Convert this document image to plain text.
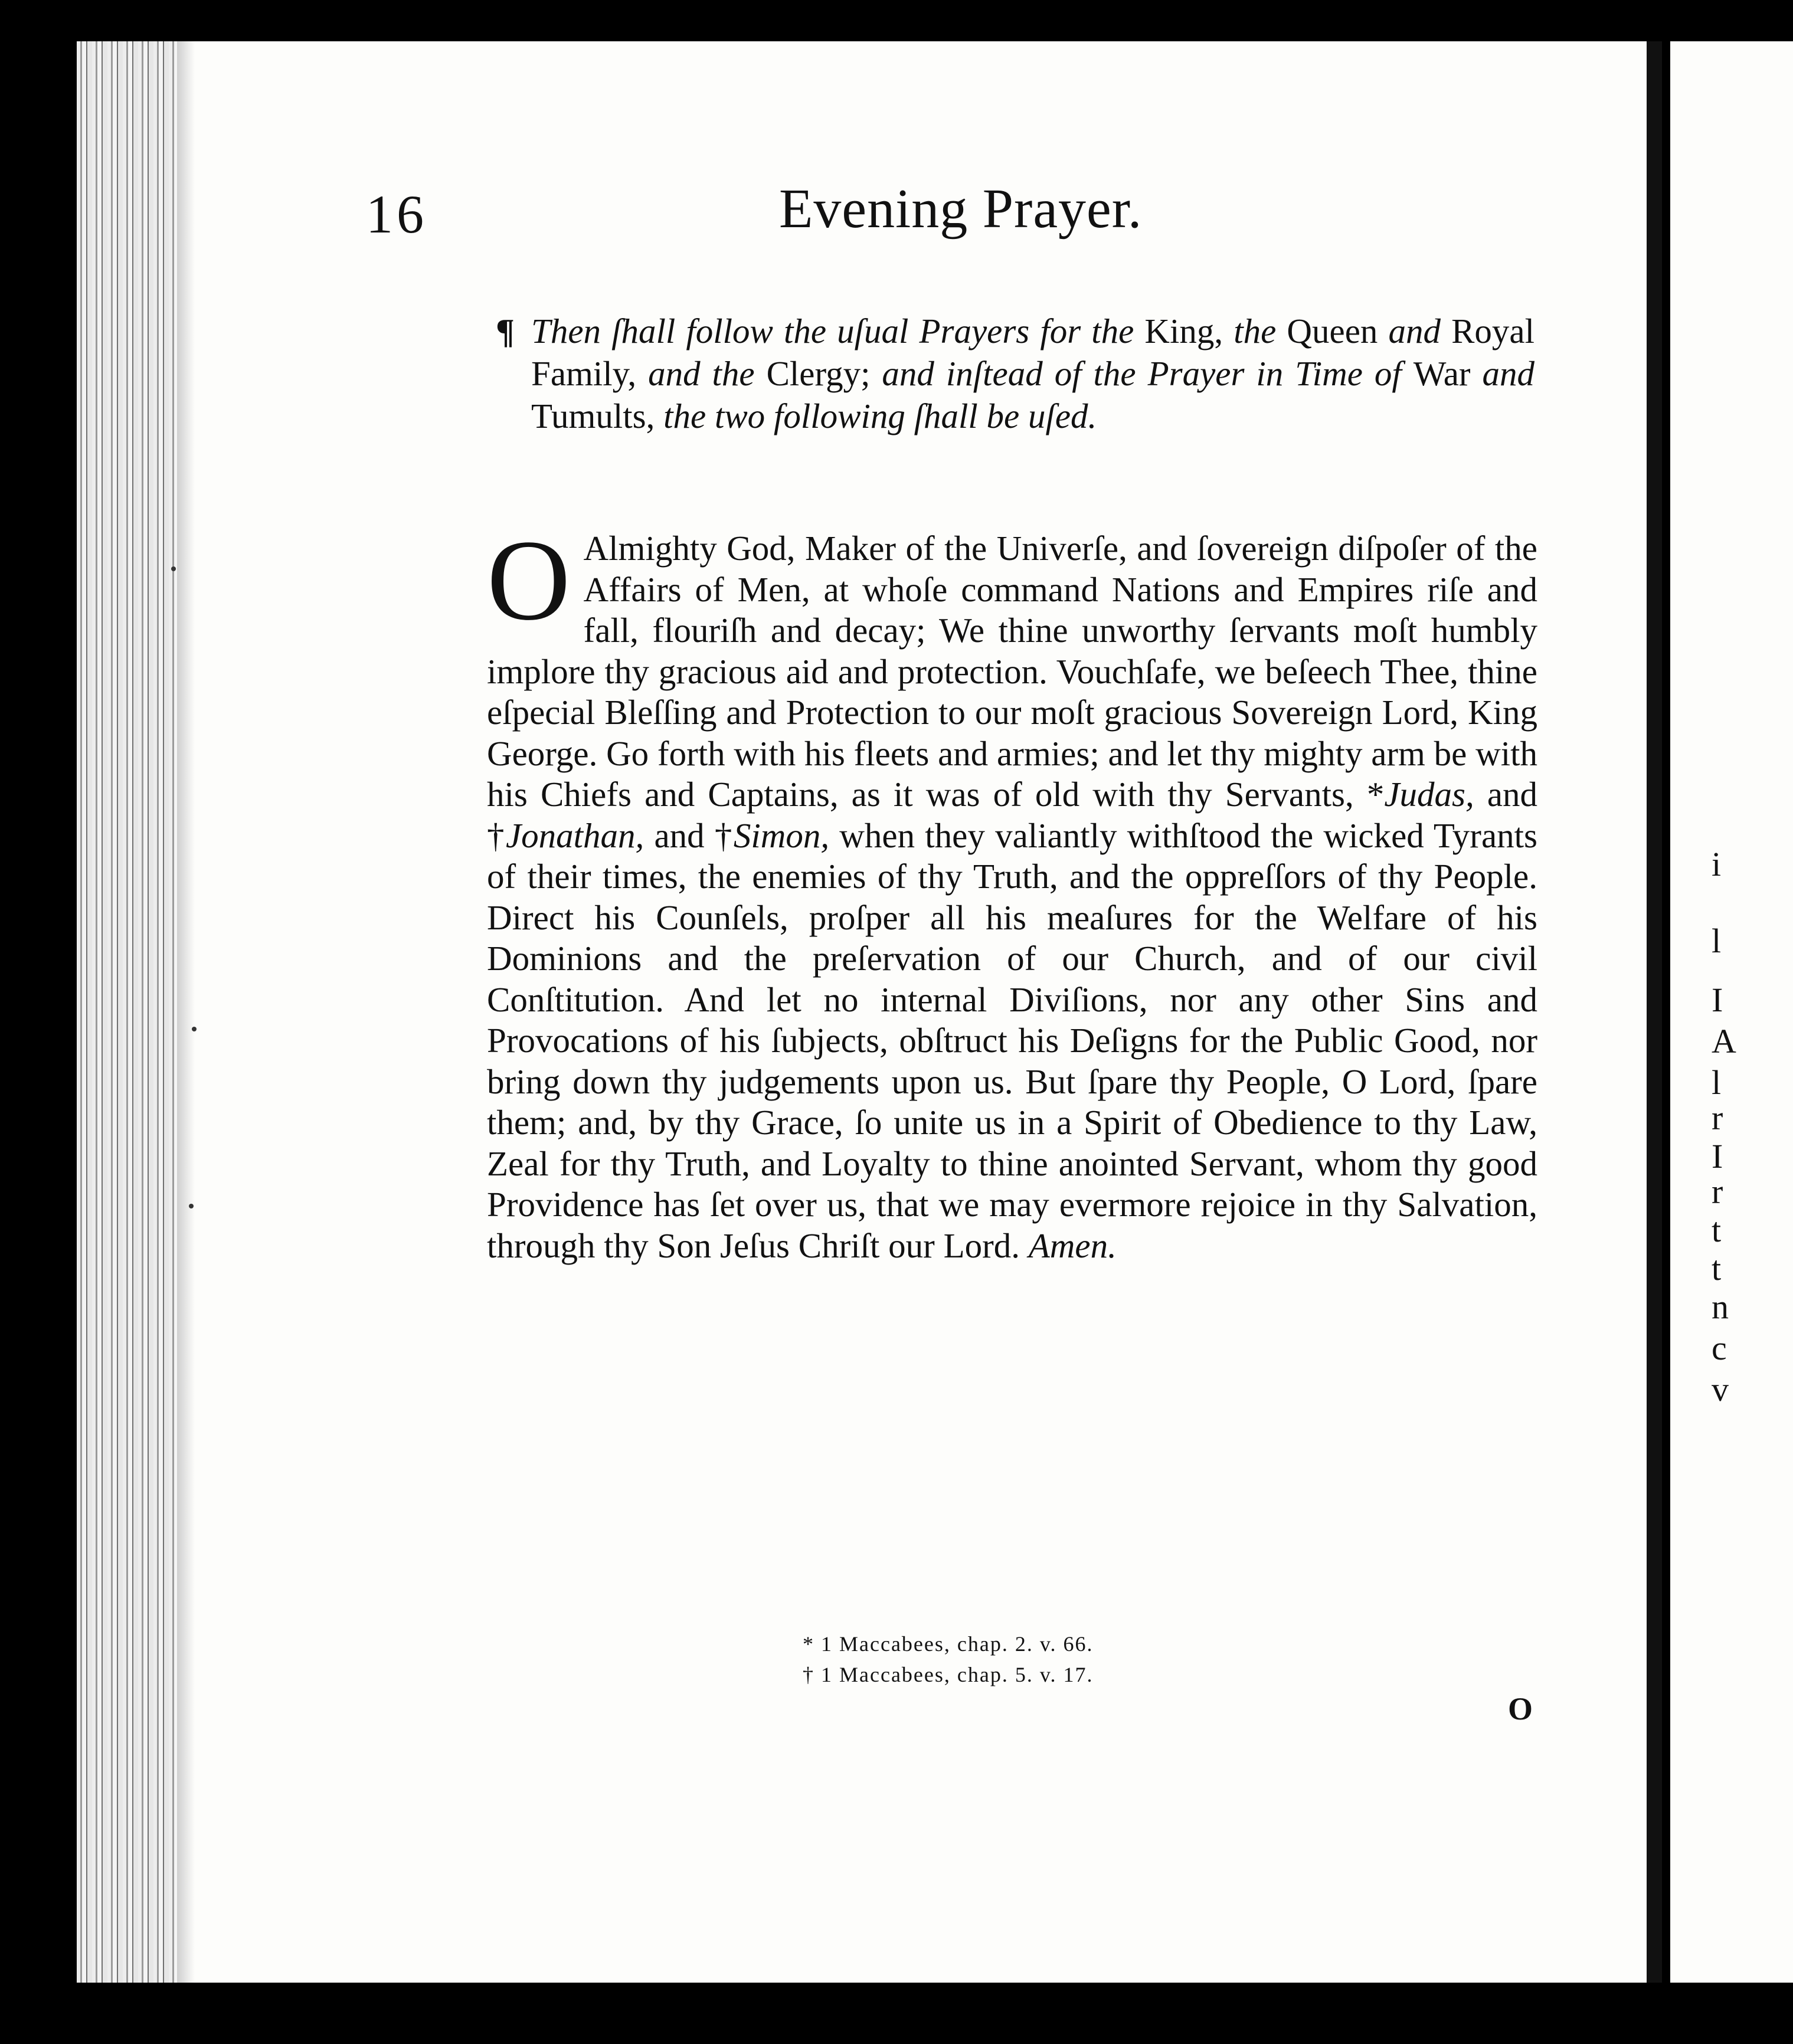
i
l
I
A
l
r
I
r
t
t
n
c
v
16	Evening Prayer.
¶ Then ſhall follow the uſual Prayers for the King, the Queen and Royal Family, and the Clergy; and inſtead of the Prayer in Time of War and Tumults, the two following ſhall be uſed.
O Almighty God, Maker of the Univerſe, and ſovereign diſpoſer of the Affairs of Men, at whoſe command Nations and Empires riſe and fall, flouriſh and decay; We thine unworthy ſervants moſt humbly implore thy gracious aid and protection. Vouchſafe, we beſeech Thee, thine eſpecial Bleſſing and Protection to our moſt gracious Sovereign Lord, King George. Go forth with his fleets and armies; and let thy mighty arm be with his Chiefs and Captains, as it was of old with thy Servants, *Judas, and †Jonathan, and †Simon, when they valiantly withſtood the wicked Tyrants of their times, the enemies of thy Truth, and the oppreſſors of thy People. Direct his Counſels, proſper all his meaſures for the Welfare of his Dominions and the preſervation of our Church, and of our civil Conſtitution. And let no internal Diviſions, nor any other Sins and Provocations of his ſubjects, obſtruct his Deſigns for the Public Good, nor bring down thy judgements upon us. But ſpare thy People, O Lord, ſpare them; and, by thy Grace, ſo unite us in a Spirit of Obedience to thy Law, Zeal for thy Truth, and Loyalty to thine anointed Servant, whom thy good Providence has ſet over us, that we may evermore rejoice in thy Salvation, through thy Son Jeſus Chriſt our Lord. Amen.
* 1 Maccabees, chap. 2. v. 66.
† 1 Maccabees, chap. 5. v. 17.
O
